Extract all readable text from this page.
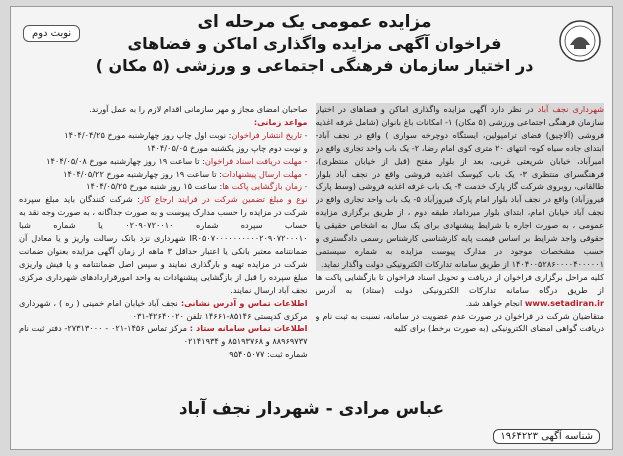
نوبت دوم
مزایده عمومی یک مرحله ای
فراخوان آگهی مزایده واگذاری اماکن و فضاهای
در اختیار سازمان فرهنگی اجتماعی و ورزشی (۵ مکان )

شهرداری نجف آباد در نظر دارد آگهی مزایده واگذاری اماکن و فضاهای در اختیار سازمان فرهنگی اجتماعی ورزشی (۵ مکان) ۱- امکانات باغ بانوان (شامل غرفه اغذیه فروشی (آلاچیق) فضای ترامپولین، ایستگاه دوچرخه سواری ) واقع در نجف آباد- ابتدای جاده سیاه کوه- انتهای ۲۰ متری کوی امام رضا، ۲- یک باب واحد تجاری واقع در امیرآباد، خیابان شریعتی غربی، بعد از بلوار مفتح (قبل از خیابان منتظری)، فرهنگسرای منتظری ۳- یک باب کیوسک اغذیه فروشی واقع در نجف آباد بلوار طالقانی، روبروی شرکت گاز پارک خدمت ۴- یک باب غرفه اغذیه فروشی (وسط پارک فیروزآباد) واقع در نجف آباد بلوار امام پارک فیروزآباد ۵- یک باب واحد تجاری واقع در نجف آباد خیابان امام، ابتدای بلوار میرداماد طبقه دوم ، از طریق برگزاری مزایده عمومی ، به صورت اجاره با شرایط پیشنهادی برای یک سال به اشخاص حقیقی یا حقوقی واجد شرایط بر اساس قیمت پایه کارشناسی کارشناس رسمی دادگستری و حسب مشخصات موجود در مدارک پیوست مزایده به شماره سیستمی ۱۴۰۴۰۰۵۲۸۶۰۰۰۰۴۰۰۰۰۰۱ از طریق سامانه تدارکات الکترونیکی دولت واگذار نماید.

کلیه مراحل برگزاری فراخوان از دریافت و تحویل اسناد فراخوان تا بازگشایی پاکت ها از طریق درگاه سامانه تدارکات الکترونیکی دولت (ستاد) به آدرس www.setadiran.ir انجام خواهد شد.

متقاضیان شرکت در فراخوان در صورت عدم عضویت در سامانه، نسبت به ثبت نام و دریافت گواهی امضای الکترونیکی (به صورت برخط) برای کلیه

صاحبان امضای مجاز و مهر سازمانی اقدام لازم را به عمل آورند.

مواعد زمانی:

- تاریخ انتشار فراخوان: نوبت اول چاپ روز چهارشنبه مورخ ۱۴۰۴/۰۴/۲۵

و نوبت دوم چاپ روز یکشنبه مورخ ۱۴۰۴/۰۵/۰۵

- مهلت دریافت اسناد فراخوان: تا ساعت ۱۹ روز چهارشنبه مورخ ۱۴۰۴/۰۵/۰۸

- مهلت ارسال پیشنهادات: تا ساعت ۱۹ روز چهارشنبه مورخ ۱۴۰۴/۰۵/۲۲

- زمان بازگشایی پاکت ها: ساعت ۱۵ روز شنبه مورخ ۱۴۰۴/۰۵/۲۵

نوع و مبلغ تضمین شرکت در فرایند ارجاع کار: شرکت کنندگان باید مبلغ سپرده شرکت در مزایده را حسب مدارک پیوست و به صورت جداگانه ، به صورت وجه نقد به حساب سپرده شماره ۰۲۰۹۰۷۲۰۰۱۰ یا شماره شبا IR۰۵۰۷۰۰۰۰۰۰۰۰۰۰۲۰۹۰۷۲۰۰۰۱۰ شهرداری نزد بانک رسالت واریز و یا معادل آن ضمانتنامه معتبر بانکی یا اعتبار حداقل ۳ ماهه از زمان آگهی مزایده بعنوان ضمانت شرکت در مزایده تهیه و بارگذاری نمایند و سپس اصل ضمانتنامه و یا فیش واریزی مبلغ سپرده را قبل از بازگشایی پیشنهادات به واحد امورقراردادهای شهرداری مرکزی نجف آباد ارسال نمایند.

اطلاعات تماس و آدرس نشانی: نجف آباد خیابان امام خمینی ( ره ) ، شهرداری مرکزی کدپستی ۸۵۱۴۶-۱۴۶۶۱ تلفن ۴۲۶۴۰۰۲۰-۰۳۱

اطلاعات تماس سامانه ستاد : مرکز تماس ۱۴۵۶-۰۲۱ - ۲۷۳۱۳۰۰۰- دفتر ثبت نام ۸۸۹۶۹۷۳۷ و ۸۵۱۹۳۷۶۸ و ۰۲۱۴۱۹۳۴

شماره ثبت: ۹۵۴۰۵۰۷۷

عباس مرادی - شهردار نجف آباد
شناسه آگهی ۱۹۶۴۲۲۳
